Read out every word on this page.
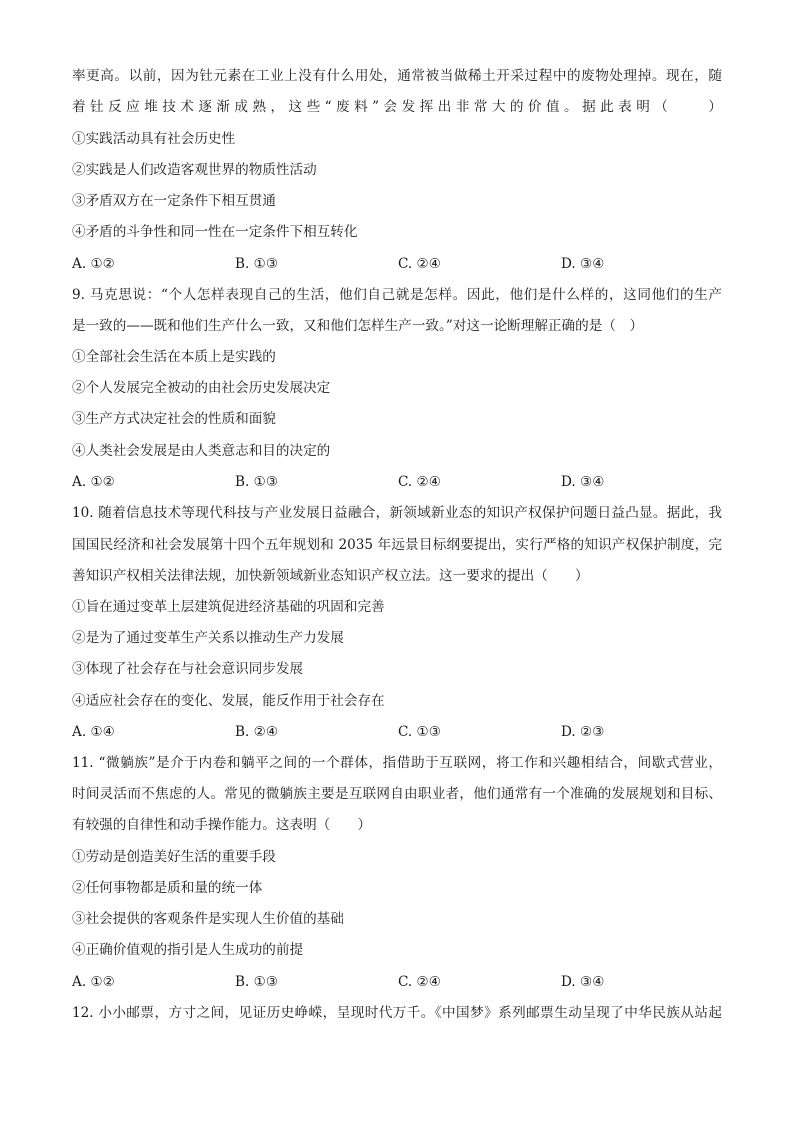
率更高。以前，因为钍元素在工业上没有什么用处，通常被当做稀土开采过程中的废物处理掉。现在，随
着钍反应堆技术逐渐成熟，这些“废料”会发挥出非常大的价值。据此表明（　　）
①实践活动具有社会历史性
②实践是人们改造客观世界的物质性活动
③矛盾双方在一定条件下相互贯通
④矛盾的斗争性和同一性在一定条件下相互转化
A. ①②	B. ①③	C. ②④	D. ③④
9. 马克思说：“个人怎样表现自己的生活，他们自己就是怎样。因此，他们是什么样的，这同他们的生产
是一致的——既和他们生产什么一致，又和他们怎样生产一致。”对这一论断理解正确的是（　）
①全部社会生活在本质上是实践的
②个人发展完全被动的由社会历史发展决定
③生产方式决定社会的性质和面貌
④人类社会发展是由人类意志和目的决定的
A. ①②	B. ①③	C. ②④	D. ③④
10. 随着信息技术等现代科技与产业发展日益融合，新领域新业态的知识产权保护问题日益凸显。据此，我
国国民经济和社会发展第十四个五年规划和 2035 年远景目标纲要提出，实行严格的知识产权保护制度，完
善知识产权相关法律法规，加快新领域新业态知识产权立法。这一要求的提出（　　）
①旨在通过变革上层建筑促进经济基础的巩固和完善
②是为了通过变革生产关系以推动生产力发展
③体现了社会存在与社会意识同步发展
④适应社会存在的变化、发展，能反作用于社会存在
A. ①④	B. ②④	C. ①③	D. ②③
11. “微躺族”是介于内卷和躺平之间的一个群体，指借助于互联网，将工作和兴趣相结合，间歇式营业，
时间灵活而不焦虑的人。常见的微躺族主要是互联网自由职业者，他们通常有一个准确的发展规划和目标、
有较强的自律性和动手操作能力。这表明（　　）
①劳动是创造美好生活的重要手段
②任何事物都是质和量的统一体
③社会提供的客观条件是实现人生价值的基础
④正确价值观的指引是人生成功的前提
A. ①②	B. ①③	C. ②④	D. ③④
12. 小小邮票，方寸之间，见证历史峥嵘，呈现时代万千。《中国梦》系列邮票生动呈现了中华民族从站起
